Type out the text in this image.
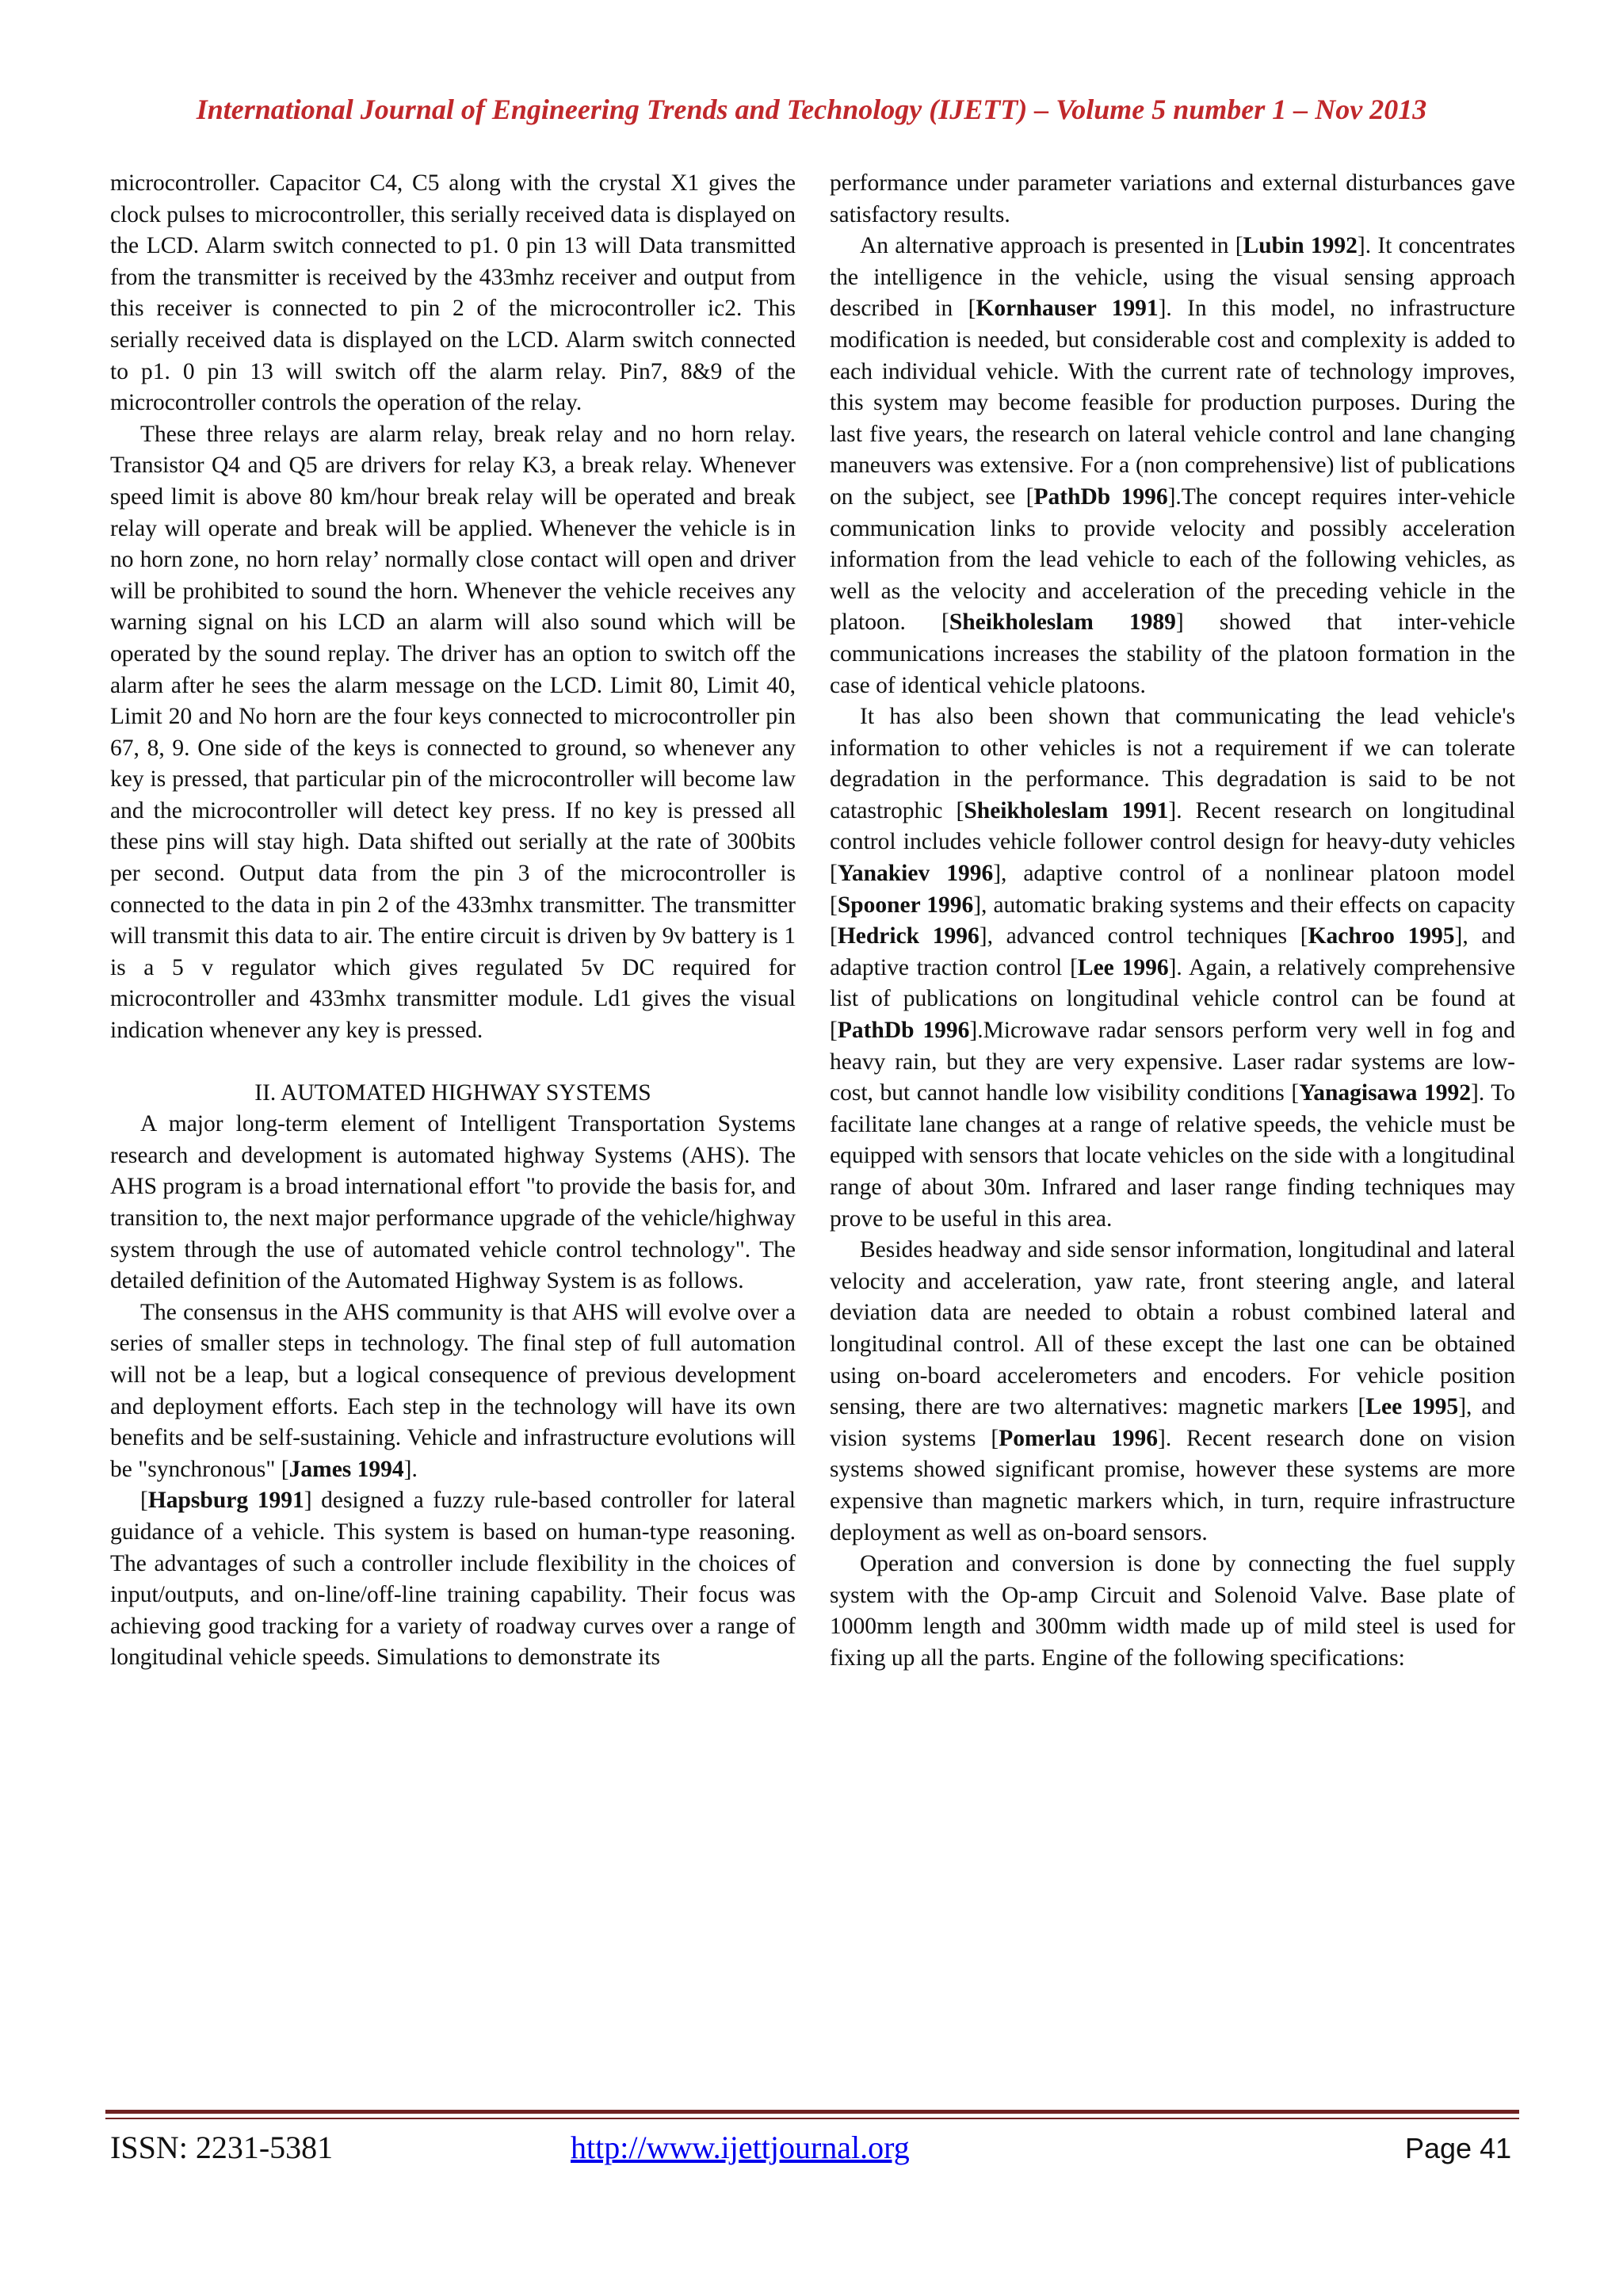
International Journal of Engineering Trends and Technology (IJETT) – Volume 5 number 1 – Nov 2013

microcontroller. Capacitor C4, C5 along with the crystal X1 gives the clock pulses to microcontroller, this serially received data is displayed on the LCD. Alarm switch connected to p1. 0 pin 13 will Data transmitted from the transmitter is received by the 433mhz receiver and output from this receiver is connected to pin 2 of the microcontroller ic2. This serially received data is displayed on the LCD. Alarm switch connected to p1. 0 pin 13 will switch off the alarm relay. Pin7, 8&9 of the microcontroller controls the operation of the relay.

These three relays are alarm relay, break relay and no horn relay. Transistor Q4 and Q5 are drivers for relay K3, a break relay. Whenever speed limit is above 80 km/hour break relay will be operated and break relay will operate and break will be applied. Whenever the vehicle is in no horn zone, no horn relay’ normally close contact will open and driver will be prohibited to sound the horn. Whenever the vehicle receives any warning signal on his LCD an alarm will also sound which will be operated by the sound replay. The driver has an option to switch off the alarm after he sees the alarm message on the LCD. Limit 80, Limit 40, Limit 20 and No horn are the four keys connected to microcontroller pin 67, 8, 9. One side of the keys is connected to ground, so whenever any key is pressed, that particular pin of the microcontroller will become law and the microcontroller will detect key press. If no key is pressed all these pins will stay high. Data shifted out serially at the rate of 300bits per second. Output data from the pin 3 of the microcontroller is connected to the data in pin 2 of the 433mhx transmitter. The transmitter will transmit this data to air. The entire circuit is driven by 9v battery is 1 is a 5 v regulator which gives regulated 5v DC required for microcontroller and 433mhx transmitter module. Ld1 gives the visual indication whenever any key is pressed.

II. AUTOMATED HIGHWAY SYSTEMS

A major long-term element of Intelligent Transportation Systems research and development is automated highway Systems (AHS). The AHS program is a broad international effort "to provide the basis for, and transition to, the next major performance upgrade of the vehicle/highway system through the use of automated vehicle control technology". The detailed definition of the Automated Highway System is as follows.

The consensus in the AHS community is that AHS will evolve over a series of smaller steps in technology. The final step of full automation will not be a leap, but a logical consequence of previous development and deployment efforts. Each step in the technology will have its own benefits and be self-sustaining. Vehicle and infrastructure evolutions will be "synchronous" [James 1994].

[Hapsburg 1991] designed a fuzzy rule-based controller for lateral guidance of a vehicle. This system is based on human-type reasoning. The advantages of such a controller include flexibility in the choices of input/outputs, and on-line/off-line training capability. Their focus was achieving good tracking for a variety of roadway curves over a range of longitudinal vehicle speeds. Simulations to demonstrate its

performance under parameter variations and external disturbances gave satisfactory results.

An alternative approach is presented in [Lubin 1992]. It concentrates the intelligence in the vehicle, using the visual sensing approach described in [Kornhauser 1991]. In this model, no infrastructure modification is needed, but considerable cost and complexity is added to each individual vehicle. With the current rate of technology improves, this system may become feasible for production purposes. During the last five years, the research on lateral vehicle control and lane changing maneuvers was extensive. For a (non comprehensive) list of publications on the subject, see [PathDb 1996].The concept requires inter-vehicle communication links to provide velocity and possibly acceleration information from the lead vehicle to each of the following vehicles, as well as the velocity and acceleration of the preceding vehicle in the platoon. [Sheikholeslam 1989] showed that inter-vehicle communications increases the stability of the platoon formation in the case of identical vehicle platoons.

It has also been shown that communicating the lead vehicle's information to other vehicles is not a requirement if we can tolerate degradation in the performance. This degradation is said to be not catastrophic [Sheikholeslam 1991]. Recent research on longitudinal control includes vehicle follower control design for heavy-duty vehicles [Yanakiev 1996], adaptive control of a nonlinear platoon model [Spooner 1996], automatic braking systems and their effects on capacity [Hedrick 1996], advanced control techniques [Kachroo 1995], and adaptive traction control [Lee 1996]. Again, a relatively comprehensive list of publications on longitudinal vehicle control can be found at [PathDb 1996].Microwave radar sensors perform very well in fog and heavy rain, but they are very expensive. Laser radar systems are low-cost, but cannot handle low visibility conditions [Yanagisawa 1992]. To facilitate lane changes at a range of relative speeds, the vehicle must be equipped with sensors that locate vehicles on the side with a longitudinal range of about 30m. Infrared and laser range finding techniques may prove to be useful in this area.

Besides headway and side sensor information, longitudinal and lateral velocity and acceleration, yaw rate, front steering angle, and lateral deviation data are needed to obtain a robust combined lateral and longitudinal control. All of these except the last one can be obtained using on-board accelerometers and encoders. For vehicle position sensing, there are two alternatives: magnetic markers [Lee 1995], and vision systems [Pomerlau 1996]. Recent research done on vision systems showed significant promise, however these systems are more expensive than magnetic markers which, in turn, require infrastructure deployment as well as on-board sensors.

Operation and conversion is done by connecting the fuel supply system with the Op-amp Circuit and Solenoid Valve. Base plate of 1000mm length and 300mm width made up of mild steel is used for fixing up all the parts. Engine of the following specifications:

ISSN: 2231-5381	http://www.ijettjournal.org	Page 41
